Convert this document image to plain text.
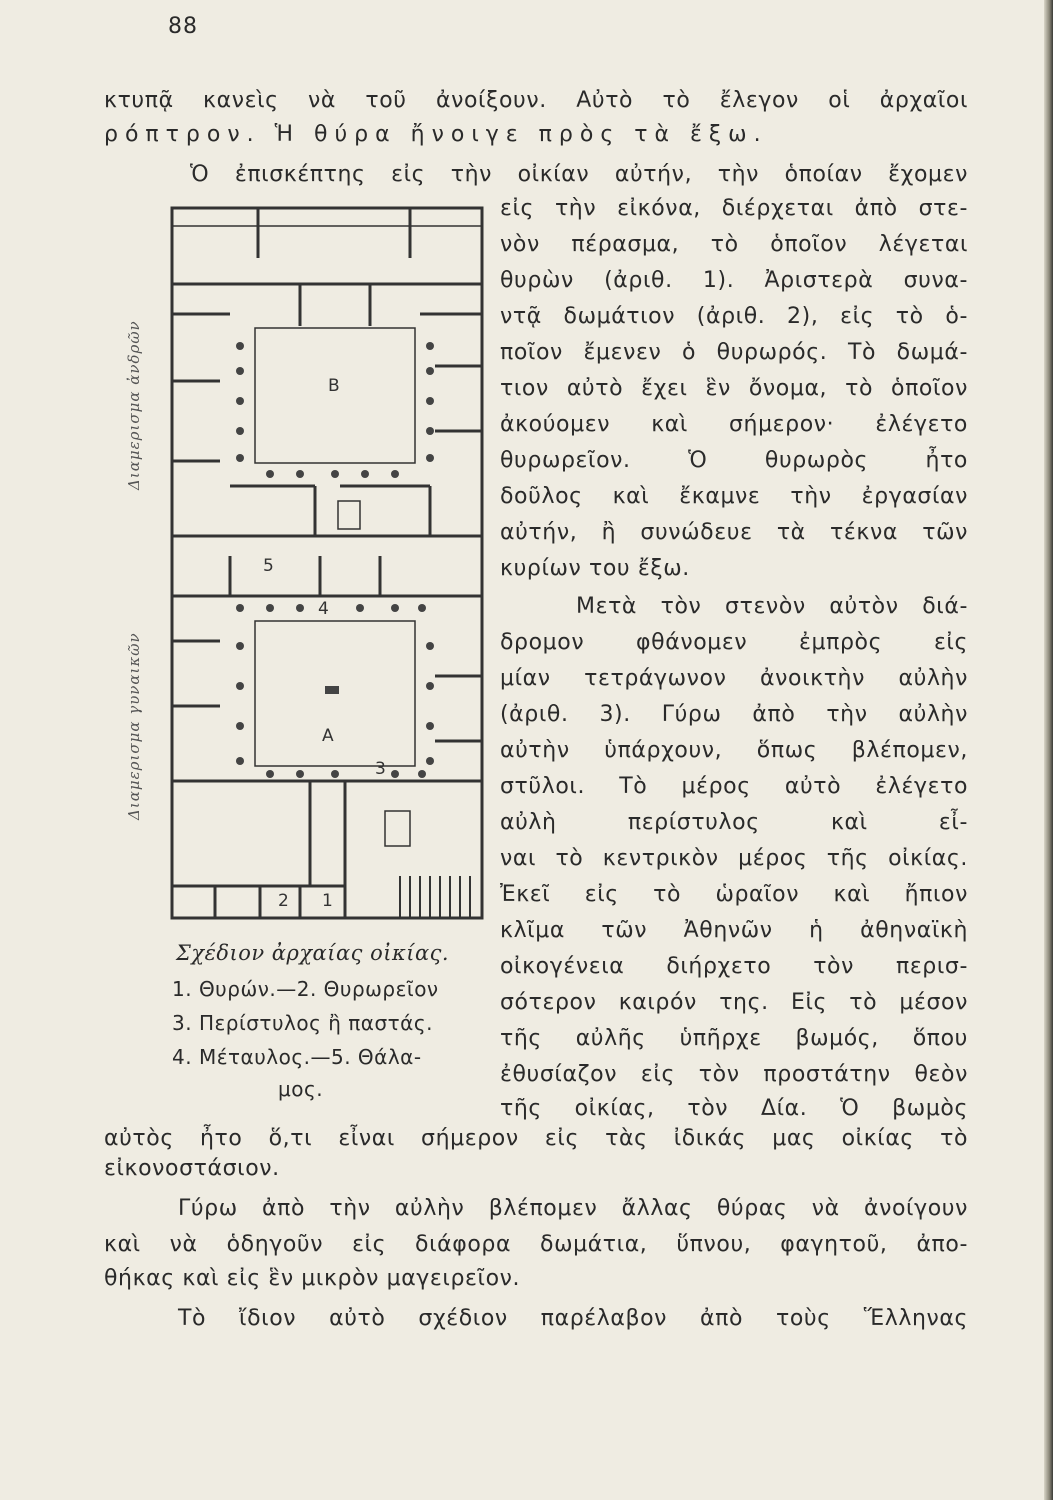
88
κτυπᾷ κανεὶς νὰ τοῦ ἀνοίξουν. Αὐτὸ τὸ ἔλεγον οἱ ἀρχαῖοι
ρόπτρον. Ἡ θύρα ἤνοιγε πρὸς τὰ ἔξω.
Ὁ ἐπισκέπτης εἰς τὴν οἰκίαν αὐτήν, τὴν ὁποίαν ἔχομεν
Β
Α
5
4
3
2 1
Διαμερισμα ἀνδρῶν
Διαμερισμα γυναικῶν
εἰς τὴν εἰκόνα, διέρχεται ἀπὸ στε-
νὸν πέρασμα, τὸ ὁποῖον λέγεται
θυρὼν (ἀριθ. 1). Ἀριστερὰ συνα-
ντᾷ δωμάτιον (ἀριθ. 2), εἰς τὸ ὁ-
ποῖον ἔμενεν ὁ θυρωρός. Τὸ δωμά-
τιον αὐτὸ ἔχει ἓν ὄνομα, τὸ ὁποῖον
ἀκούομεν καὶ σήμερον· ἐλέγετο
θυρωρεῖον. Ὁ θυρωρὸς ἦτο
δοῦλος καὶ ἔκαμνε τὴν ἐργασίαν
αὐτήν, ἢ συνώδευε τὰ τέκνα τῶν
κυρίων του ἔξω.
Μετὰ τὸν στενὸν αὐτὸν διά-
δρομον φθάνομεν ἐμπρὸς εἰς
μίαν τετράγωνον ἀνοικτὴν αὐλὴν
(ἀριθ. 3). Γύρω ἀπὸ τὴν αὐλὴν
αὐτὴν ὑπάρχουν, ὅπως βλέπομεν,
στῦλοι. Τὸ μέρος αὐτὸ ἐλέγετο
αὐλὴ περίστυλος καὶ εἶ-
ναι τὸ κεντρικὸν μέρος τῆς οἰκίας.
Ἐκεῖ εἰς τὸ ὡραῖον καὶ ἤπιον
κλῖμα τῶν Ἀθηνῶν ἡ ἀθηναϊκὴ
οἰκογένεια διήρχετο τὸν περισ-
σότερον καιρόν της. Εἰς τὸ μέσον
τῆς αὐλῆς ὑπῆρχε βωμός, ὅπου
ἐθυσίαζον εἰς τὸν προστάτην θεὸν
τῆς οἰκίας, τὸν Δία. Ὁ βωμὸς
Σχέδιον ἀρχαίας οἰκίας.
1. Θυρών.—2. Θυρωρεῖον
3. Περίστυλος ἢ παστάς.
4. Μέταυλος.—5. Θάλα-
μος.
αὐτὸς ἦτο ὅ,τι εἶναι σήμερον εἰς τὰς ἰδικάς μας οἰκίας τὸ
εἰκονοστάσιον.
Γύρω ἀπὸ τὴν αὐλὴν βλέπομεν ἄλλας θύρας νὰ ἀνοίγουν
καὶ νὰ ὁδηγοῦν εἰς διάφορα δωμάτια, ὕπνου, φαγητοῦ, ἀπο-
θήκας καὶ εἰς ἓν μικρὸν μαγειρεῖον.
Τὸ ἴδιον αὐτὸ σχέδιον παρέλαβον ἀπὸ τοὺς Ἕλληνας
